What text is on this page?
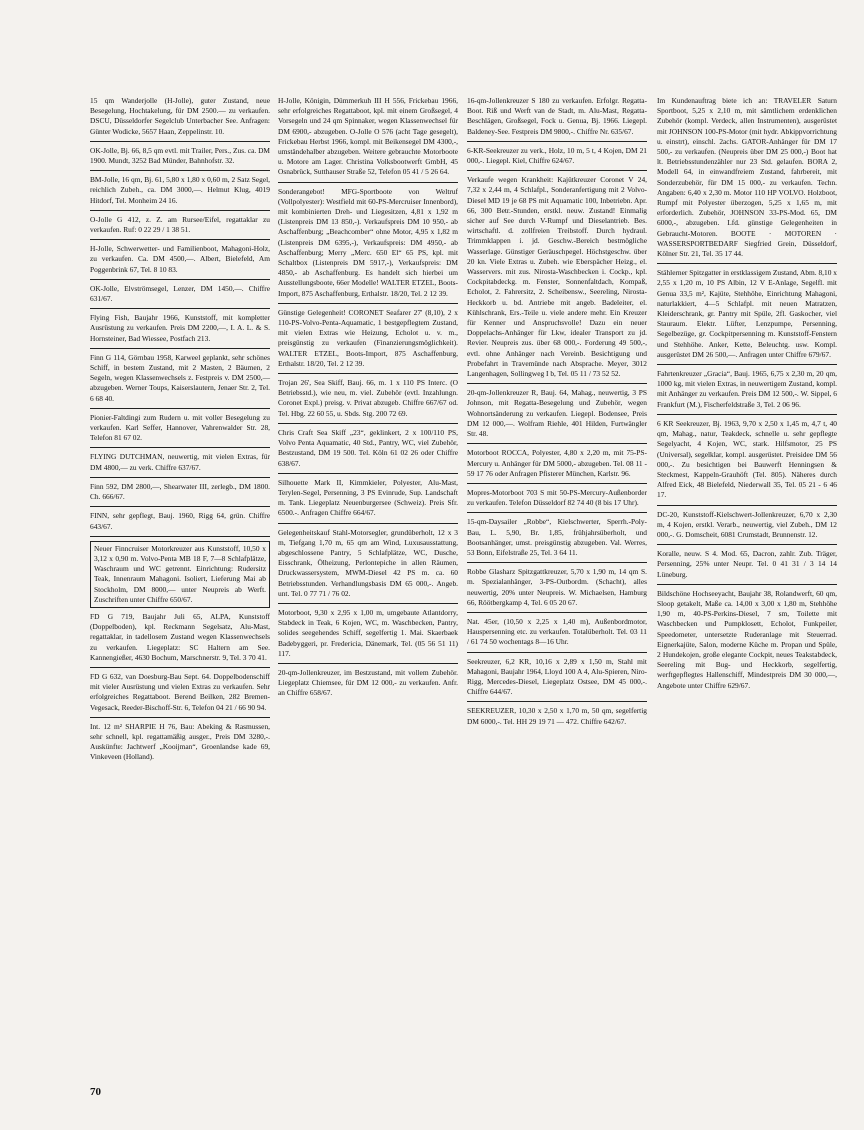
15 qm Wanderjolle (H-Jolle), guter Zustand, neue Besegelung, Hochtakelung, für DM 2500.— zu verkaufen. DSCU, Düsseldorfer Segelclub Unterbacher See. Anfragen: Günter Wodicke, 5657 Haan, Zeppelinstr. 10.
OK-Jolle, Bj. 66, 8,5 qm evtl. mit Trailer, Pers., Zus. ca. DM 1900. Mundt, 3252 Bad Münder, Bahnhofstr. 32.
BM-Jolle, 16 qm, Bj. 61, 5,80 x 1,80 x 0,60 m, 2 Satz Segel, reichlich Zubeh., ca. DM 3000,—. Helmut Klug, 4019 Hitdorf, Tel. Monheim 24 16.
O-Jolle G 412, z. Z. am Rursee/Eifel, regattaklar zu verkaufen. Ruf: 0 22 29 / 1 38 51.
H-Jolle, Schwerwetter- und Familienboot, Mahagoni-Holz, zu verkaufen. Ca. DM 4500,—. Albert, Bielefeld, Am Poggenbrink 67, Tel. 8 10 83.
OK-Jolle, Elvströmsegel, Lenzer, DM 1450,—. Chiffre 631/67.
Flying Fish, Baujahr 1966, Kunststoff, mit kompletter Ausrüstung zu verkaufen. Preis DM 2200,—, I. A. L. & S. Hornsteiner, Bad Wiessee, Postfach 213.
Finn G 114, Görnbau 1958, Karweel geplankt, sehr schönes Schiff, in bestem Zustand, mit 2 Masten, 2 Bäumen, 2 Segeln, wegen Klassenwechsels z. Festpreis v. DM 2500,— abzugeben. Werner Toups, Kaiserslautern, Jenaer Str. 2, Tel. 6 68 40.
Pionier-Faltdingi zum Rudern u. mit voller Besegelung zu verkaufen. Karl Seffer, Hannover, Vahrenwalder Str. 28, Telefon 81 67 02.
FLYING DUTCHMAN, neuwertig, mit vielen Extras, für DM 4800,— zu verk. Chiffre 637/67.
Finn 592, DM 2800,—, Shearwater III, zerlegb., DM 1800. Ch. 666/67.
FINN, sehr gepflegt, Bauj. 1960, Rigg 64, grün. Chiffre 643/67.
Neuer Finncruiser Motorkreuzer aus Kunststoff, 10,50 x 3,12 x 0,90 m. Volvo-Penta MB 18 F, 7—8 Schlafplätze, Waschraum und WC getrennt. Einrichtung: Rudersitz Teak, Innenraum Mahagoni. Isoliert, Lieferung Mai ab Stockholm, DM 8000,— unter Neupreis ab Werft. Zuschriften unter Chiffre 650/67.
FD G 719, Baujahr Juli 65, ALPA, Kunststoff (Doppelboden), kpl. Reckmann Segelsatz, Alu-Mast, regattaklar, in tadellosem Zustand wegen Klassenwechsels zu verkaufen. Liegeplatz: SC Haltern am See. Kannengießer, 4630 Bochum, Marschnerstr. 9, Tel. 3 70 41.
FD G 632, van Doesburg-Bau Sept. 64. Doppelbodenschiff mit vieler Ausrüstung und vielen Extras zu verkaufen. Sehr erfolgreiches Regattaboot. Berend Beilken, 282 Bremen-Vegesack, Reeder-Bischoff-Str. 6, Telefon 04 21 / 66 90 94.
Int. 12 m² SHARPIE H 76, Bau: Abeking & Rasmussen, sehr schnell, kpl. regattamäßig ausger., Preis DM 3280,-. Auskünfte: Jachtwerf „Kooijman“, Groenlandse kade 69, Vinkeveen (Holland).
H-Jolle, Königin, Dümmerkuh III H 556, Frickebau 1966, sehr erfolgreiches Regattaboot, kpl. mit einem Großsegel, 4 Vorsegeln und 24 qm Spinnaker, wegen Klassenwechsel für DM 6900,- abzugeben. O-Jolle O 576 (acht Tage gesegelt), Frickebau Herbst 1966, kompl. mit Beikensegel DM 4300,-, umständehalber abzugeben. Weitere gebrauchte Motorboote u. Motore am Lager. Christina Volksbootwerft GmbH, 45 Osnabrück, Sutthauser Straße 52, Telefon 05 41 / 5 26 64.
Sonderangebot! MFG-Sportboote von Weltruf (Vollpolyester): Westfield mit 60-PS-Mercruiser Innenbord), mit kombinierten Dreh- und Liegesitzen, 4,81 x 1,92 m (Listenpreis DM 13 850,-). Verkaufspreis DM 10 950,- ab Aschaffenburg; „Beachcomber“ ohne Motor, 4,95 x 1,82 m (Listenpreis DM 6395,-), Verkaufspreis: DM 4950,- ab Aschaffenburg; Merry „Merc. 650 El“ 65 PS, kpl. mit Schaltbox (Listenpreis DM 5917,-), Verkaufspreis: DM 4850,- ab Aschaffenburg. Es handelt sich hierbei um Ausstellungsboote, 66er Modelle! WALTER ETZEL, Boots-Import, 875 Aschaffenburg, Erthalstr. 18/20, Tel. 2 12 39.
Günstige Gelegenheit! CORONET Seafarer 27' (8,10), 2 x 110-PS-Volvo-Penta-Aquamatic, 1 bestgepflegtem Zustand, mit vielen Extras wie Heizung, Echolot u. v. m., preisgünstig zu verkaufen (Finanzierungsmöglichkeit). WALTER ETZEL, Boots-Import, 875 Aschaffenburg, Erthalstr. 18/20, Tel. 2 12 39.
Trojan 26', Sea Skiff, Bauj. 66, m. 1 x 110 PS Interc. (O Betriebsstd.), wie neu, m. viel. Zubehör (evtl. Inzahlungn. Coronet Expl.) preisg. v. Privat abzugeb. Chiffre 667/67 od. Tel. Hbg. 22 60 55, u. Sbds. Stg. 200 72 69.
Chris Craft Sea Skiff „23“, geklinkert, 2 x 100/110 PS, Volvo Penta Aquamatic, 40 Std., Pantry, WC, viel Zubehör, Bestzustand, DM 19 500. Tel. Köln 61 02 26 oder Chiffre 638/67.
Silhouette Mark II, Kimmkieler, Polyester, Alu-Mast, Terylen-Segel, Persenning, 3 PS Evinrude, Sup. Landschaft m. Tank. Liegeplatz Neuenburgersee (Schweiz). Preis Sfr. 6500.-. Anfragen Chiffre 664/67.
Gelegenheitskauf Stahl-Motorsegler, grundüberholt, 12 x 3 m, Tiefgang 1,70 m, 65 qm am Wind, Luxusausstattung, abgeschlossene Pantry, 5 Schlafplätze, WC, Dusche, Eisschrank, Ölheizung, Perlontepiche in allen Räumen, Druckwassersystem, MWM-Diesel 42 PS m. ca. 60 Betriebsstunden. Verhandlungsbasis DM 65 000,-. Angeb. unt. Tel. 0 77 71 / 76 02.
Motorboot, 9,30 x 2,95 x 1,00 m, umgebaute Atlantdorry, Stabdeck in Teak, 6 Kojen, WC, m. Waschbecken, Pantry, solides seegehendes Schiff, segelfertig 1. Mai. Skaerbaek Badebyggeri, pr. Fredericia, Dänemark, Tel. (05 56 51 11) 117.
20-qm-Jollenkreuzer, im Bestzustand, mit vollem Zubehör. Liegeplatz Chiemsee, für DM 12 000,- zu verkaufen. Anfr. an Chiffre 658/67.
16-qm-Jollenkreuzer S 180 zu verkaufen. Erfolgr. Regatta-Boot. Riß und Werft van de Stadt, m. Alu-Mast, Regatta-Beschlägen, Großsegel, Fock u. Genua, Bj. 1966. Liegepl. Baldeney-See. Festpreis DM 9800,-. Chiffre Nr. 635/67.
6-KR-Seekreuzer zu verk., Holz, 10 m, 5 t, 4 Kojen, DM 21 000,-. Liegepl. Kiel, Chiffre 624/67.
Verkaufe wegen Krankheit: Kajütkreuzer Coronet V 24, 7,32 x 2,44 m, 4 Schlafpl., Sonderanfertigung mit 2 Volvo-Diesel MD 19 je 68 PS mit Aquamatic 100, Inbetriebn. Apr. 66, 300 Betr.-Stunden, erstkl. neuw. Zustand! Einmalig sicher auf See durch V-Rumpf und Dieselantrieb. Bes. wirtschaftl. d. zollfreien Treibstoff. Durch hydraul. Trimmklappen i. jd. Geschw.-Bereich bestmögliche Wasserlage. Günstiger Geräuschpegel. Höchstgeschw. über 20 kn. Viele Extras u. Zubeh. wie Eberspächer Heizg., el. Wasservers. mit zus. Nirosta-Waschbecken i. Cockp., kpl. Cockpitabdeckg. m. Fenster, Sonnenfaltdach, Kompaß, Echolot, 2. Fahrersitz, 2. Scheibensw., Seereling, Nirosta-Heckkorb u. bd. Antriebe mit angeb. Badeleiter, el. Kühlschrank, Ers.-Teile u. viele andere mehr. Ein Kreuzer für Kenner und Anspruchsvolle! Dazu ein neuer Doppelachs-Anhänger für Lkw, idealer Transport zu jd. Revier. Neupreis zus. über 68 000,-. Forderung 49 500,-, evtl. ohne Anhänger nach Vereinb. Besichtigung und Probefahrt in Travemünde nach Absprache. Meyer, 3012 Langenhagen, Sollingweg I b, Tel. 05 11 / 73 52 52.
20-qm-Jollenkreuzer R, Bauj. 64, Mahag., neuwertig, 3 PS Johnson, mit Regatta-Besegelung und Zubehör, wegen Wohnortsänderung zu verkaufen. Liegepl. Bodensee, Preis DM 12 000,—. Wolfram Riehle, 401 Hilden, Furtwängler Str. 48.
Motorboot ROCCA, Polyester, 4,80 x 2,20 m, mit 75-PS-Mercury u. Anhänger für DM 5000,- abzugeben. Tel. 08 11 - 59 17 76 oder Anfragen Pfisterer München, Karlstr. 96.
Mopres-Motorboot 703 S mit 50-PS-Mercury-Außenborder zu verkaufen. Telefon Düsseldorf 82 74 40 (8 bis 17 Uhr).
15-qm-Daysailer „Robbe“, Kielschwerter, Sperrh.-Poly-Bau, L. 5,90, Br. 1,85, frühjahrsüberholt, und Bootsanhänger, umst. preisgünstig abzugeben. Val. Werres, 53 Bonn, Eifelstraße 25, Tel. 3 64 11.
Robbe Glasharz Spitzgattkreuzer, 5,70 x 1,90 m, 14 qm S. m. Spezialanhänger, 3-PS-Outbordm. (Schacht), alles neuwertig, 20% unter Neupreis. W. Michaelsen, Hamburg 66, Röötbergkamp 4, Tel. 6 05 20 67.
Nat. 45er, (10,50 x 2,25 x 1,40 m), Außenbordmotor, Hauspersenning etc. zu verkaufen. Totalüberholt. Tel. 03 11 / 61 74 50 wochentags 8—16 Uhr.
Seekreuzer, 6,2 KR, 10,16 x 2,89 x 1,50 m, Stahl mit Mahagoni, Baujahr 1964, Lloyd 100 A 4, Alu-Spieren, Niro-Rigg, Mercedes-Diesel, Liegeplatz Ostsee, DM 45 000,-. Chiffre 644/67.
SEEKREUZER, 10,30 x 2,50 x 1,70 m, 50 qm, segelfertig DM 6000,-. Tel. HH 29 19 71 — 472. Chiffre 642/67.
Im Kundenauftrag biete ich an: TRAVELER Saturn Sportboot, 5,25 x 2,10 m, mit sämtlichem erdenklichen Zubehör (kompl. Verdeck, allen Instrumenten), ausgerüstet mit JOHNSON 100-PS-Motor (mit hydr. Abkippvorrichtung u. einstrt), einschl. 2achs. GATOR-Anhänger für DM 17 500,- zu verkaufen. (Neupreis über DM 25 000,-) Boot hat lt. Betriebsstundenzähler nur 23 Std. gelaufen. BORA 2, Modell 64, in einwandfreiem Zustand, fahrbereit, mit Sonderzubehör, für DM 15 000,- zu verkaufen. Techn. Angaben: 6,40 x 2,30 m. Motor 110 HP VOLVO. Holzboot, Rumpf mit Polyester überzogen, 5,25 x 1,65 m, mit erforderlich. Zubehör, JOHNSON 33-PS-Mod. 65, DM 6000,-, abzugeben. Lfd. günstige Gelegenheiten in Gebraucht-Motoren. BOOTE · MOTOREN · WASSERSPORTBEDARF Siegfried Grein, Düsseldorf, Kölner Str. 21, Tel. 35 17 44.
Stählerner Spitzgatter in erstklassigem Zustand, Abm. 8,10 x 2,55 x 1,20 m, 10 PS Albin, 12 V E-Anlage, Segelfl. mit Genua 33,5 m², Kajüte, Stehhöhe, Einrichtung Mahagoni, naturlakkiert, 4—5 Schlafpl. mit neuen Matratzen, Kleiderschrank, gr. Pantry mit Spüle, 2fl. Gaskocher, viel Stauraum. Elektr. Lüfter, Lenzpumpe, Persenning, Segelbezüge, gr. Cockpitpersenning m. Kunststoff-Fenstern und Stehhöhe. Anker, Kette, Beleuchtg. usw. Kompl. ausgerüstet DM 26 500,—. Anfragen unter Chiffre 679/67.
Fahrtenkreuzer „Gracia“, Bauj. 1965, 6,75 x 2,30 m, 20 qm, 1000 kg, mit vielen Extras, in neuwertigem Zustand, kompl. mit Anhänger zu verkaufen. Preis DM 12 500,-. W. Sippel, 6 Frankfurt (M.), Fischerfeldstraße 3, Tel. 2 06 96.
6 KR Seekreuzer, Bj. 1963, 9,70 x 2,50 x 1,45 m, 4,7 t, 40 qm, Mahag., natur, Teakdeck, schnelle u. sehr gepflegte Segelyacht, 4 Kojen, WC, stark. Hilfsmotor, 25 PS (Universal), segelklar, kompl. ausgerüstet. Preisidee DM 56 000,-. Zu besichtigen bei Bauwerft Henningsen & Steckmest, Kappeln-Grauhöft (Tel. 805). Näheres durch Alfred Eick, 48 Bielefeld, Niederwall 35, Tel. 05 21 - 6 46 17.
DC-20, Kunststoff-Kielschwert-Jollenkreuzer, 6,70 x 2,30 m, 4 Kojen, erstkl. Verarb., neuwertig, viel Zubeh., DM 12 000,-. G. Domscheit, 6081 Crumstadt, Brunnenstr. 12.
Koralle, neuw. S 4. Mod. 65, Dacron, zahlr. Zub. Träger, Persenning, 25% unter Neupr. Tel. 0 41 31 / 3 14 14 Lüneburg.
Bildschöne Hochseeyacht, Baujahr 38, Rolandwerft, 60 qm, Sloop getakelt, Maße ca. 14,00 x 3,00 x 1,80 m, Stehhöhe 1,90 m, 40-PS-Perkins-Diesel, 7 sm, Toilette mit Waschbecken und Pumpklosett, Echolot, Funkpeiler, Speedometer, untersetzte Ruderanlage mit Steuerrad. Eignerkajüte, Salon, moderne Küche m. Propan und Spüle, 2 Hundekojen, große elegante Cockpit, neues Teakstabdeck, Seereling mit Bug- und Heckkorb, segelfertig, werftgepflegtes Hallenschiff, Mindestpreis DM 30 000,—, Angebote unter Chiffre 629/67.
70
